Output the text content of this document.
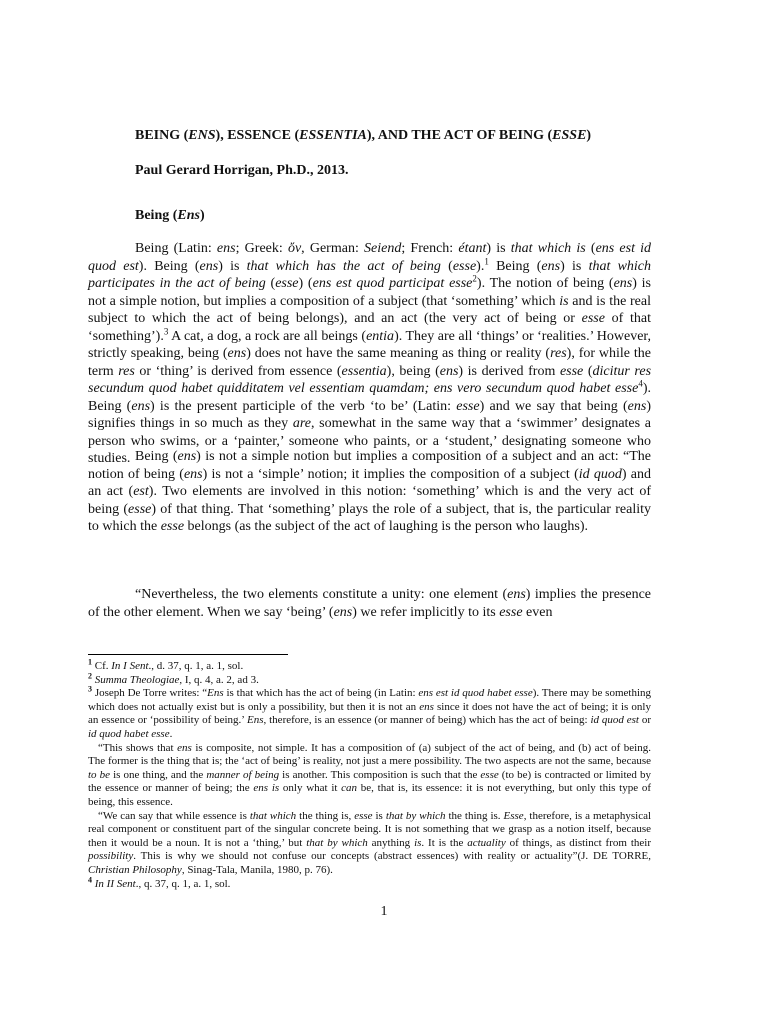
BEING (ENS), ESSENCE (ESSENTIA), AND THE ACT OF BEING (ESSE)
Paul Gerard Horrigan, Ph.D., 2013.
Being (Ens)

Being (Latin: ens; Greek: ὄν, German: Seiend; French: étant) is that which is (ens est id quod est). Being (ens) is that which has the act of being (esse).$^1$ Being (ens) is that which participates in the act of being (esse) (ens est quod participat esse$^2$). The notion of being (ens) is not a simple notion, but implies a composition of a subject (that ‘something’ which is and is the real subject to which the act of being belongs), and an act (the very act of being or esse of that ‘something’).$^3$ A cat, a dog, a rock are all beings (entia). They are all ‘things’ or ‘realities.’ However, strictly speaking, being (ens) does not have the same meaning as thing or reality (res), for while the term res or ‘thing’ is derived from essence (essentia), being (ens) is derived from esse (dicitur res secundum quod habet quidditatem vel essentiam quamdam; ens vero secundum quod habet esse$^4$). Being (ens) is the present participle of the verb ‘to be’ (Latin: esse) and we say that being (ens) signifies things in so much as they are, somewhat in the same way that a ‘swimmer’ designates a person who swims, or a ‘painter,’ someone who paints, or a ‘student,’ designating someone who studies. Being (ens) is not a simple notion but implies a composition of a subject and an act: “The notion of being (ens) is not a ‘simple’ notion; it implies the composition of a subject (id quod) and an act (est). Two elements are involved in this notion: ‘something’ which is and the very act of being (esse) of that thing. That ‘something’ plays the role of a subject, that is, the particular reality to which the esse belongs (as the subject of the act of laughing is the person who laughs).

“Nevertheless, the two elements constitute a unity: one element (ens) implies the presence of the other element. When we say ‘being’ (ens) we refer implicitly to its esse even

$^1$ Cf. In I Sent., d. 37, q. 1, a. 1, sol.

$^2$ Summa Theologiae, I, q. 4, a. 2, ad 3.

$^3$ Joseph De Torre writes: “Ens is that which has the act of being (in Latin: ens est id quod habet esse). There may be something which does not actually exist but is only a possibility, but then it is not an ens since it does not have the act of being; it is only an essence or ‘possibility of being.’ Ens, therefore, is an essence (or manner of being) which has the act of being: id quod est or id quod habet esse.

“This shows that ens is composite, not simple. It has a composition of (a) subject of the act of being, and (b) act of being. The former is the thing that is; the ‘act of being’ is reality, not just a mere possibility. The two aspects are not the same, because to be is one thing, and the manner of being is another. This composition is such that the esse (to be) is contracted or limited by the essence or manner of being; the ens is only what it can be, that is, its essence: it is not everything, but only this type of being, this essence.

“We can say that while essence is that which the thing is, esse is that by which the thing is. Esse, therefore, is a metaphysical real component or constituent part of the singular concrete being. It is not something that we grasp as a notion itself, because then it would be a noun. It is not a ‘thing,’ but that by which anything is. It is the actuality of things, as distinct from their possibility. This is why we should not confuse our concepts (abstract essences) with reality or actuality”(J. DE TORRE, Christian Philosophy, Sinag-Tala, Manila, 1980, p. 76).

$^4$ In II Sent., q. 37, q. 1, a. 1, sol.

1
